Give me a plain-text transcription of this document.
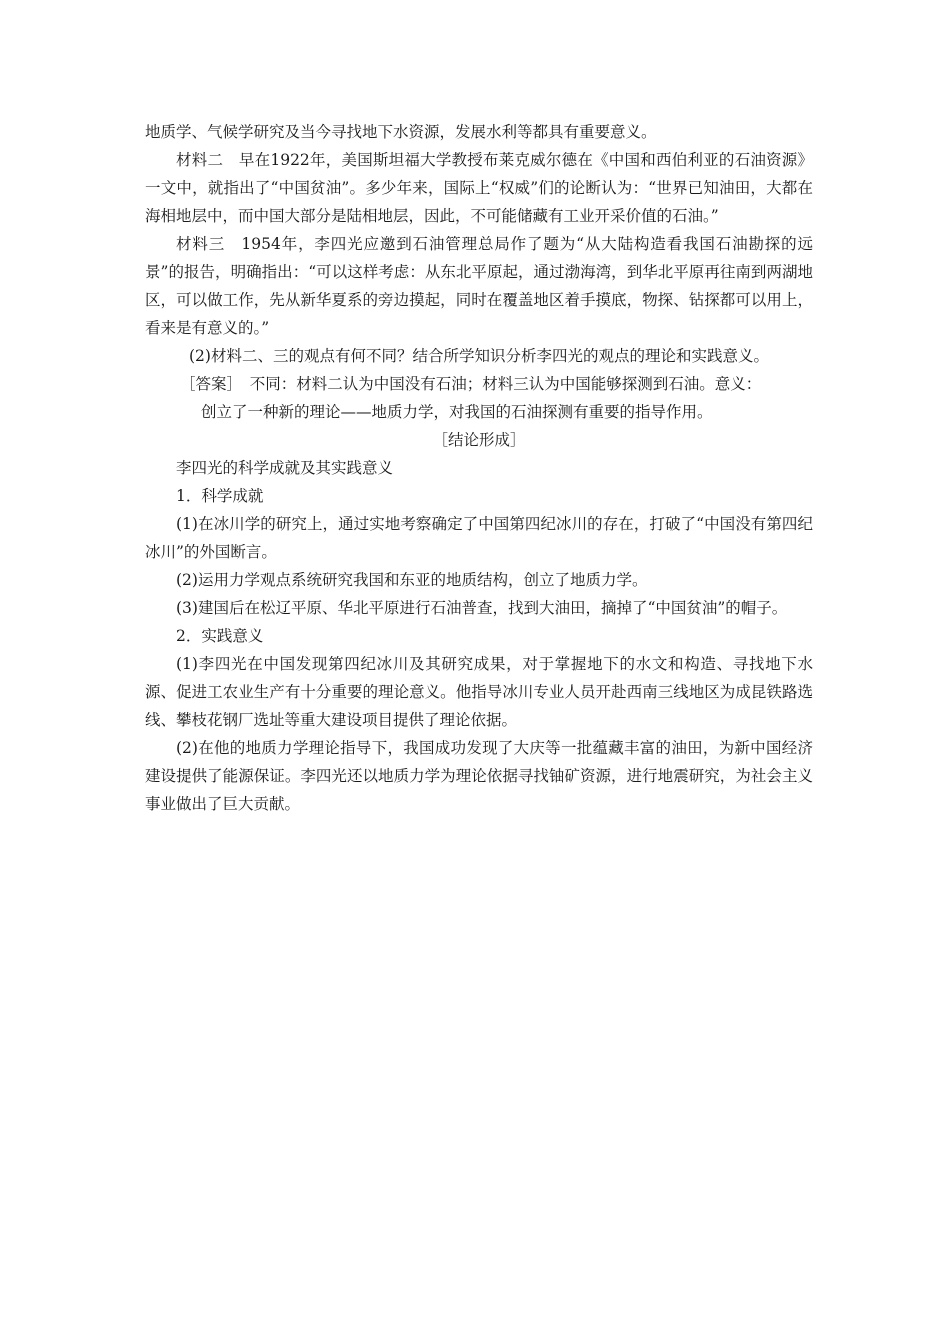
地质学、气候学研究及当今寻找地下水资源，发展水利等都具有重要意义。

材料二　早在1922年，美国斯坦福大学教授布莱克威尔德在《中国和西伯利亚的石油资源》一文中，就指出了“中国贫油”。多少年来，国际上“权威”们的论断认为：“世界已知油田，大都在海相地层中，而中国大部分是陆相地层，因此，不可能储藏有工业开采价值的石油。”

材料三　1954年，李四光应邀到石油管理总局作了题为“从大陆构造看我国石油勘探的远景”的报告，明确指出：“可以这样考虑：从东北平原起，通过渤海湾，到华北平原再往南到两湖地区，可以做工作，先从新华夏系的旁边摸起，同时在覆盖地区着手摸底，物探、钻探都可以用上，看来是有意义的。”

(2)材料二、三的观点有何不同？结合所学知识分析李四光的观点的理论和实践意义。

［答案］　不同：材料二认为中国没有石油；材料三认为中国能够探测到石油。意义：

创立了一种新的理论——地质力学，对我国的石油探测有重要的指导作用。

［结论形成］

李四光的科学成就及其实践意义

1．科学成就

(1)在冰川学的研究上，通过实地考察确定了中国第四纪冰川的存在，打破了“中国没有第四纪冰川”的外国断言。

(2)运用力学观点系统研究我国和东亚的地质结构，创立了地质力学。

(3)建国后在松辽平原、华北平原进行石油普查，找到大油田，摘掉了“中国贫油”的帽子。

2．实践意义

(1)李四光在中国发现第四纪冰川及其研究成果，对于掌握地下的水文和构造、寻找地下水源、促进工农业生产有十分重要的理论意义。他指导冰川专业人员开赴西南三线地区为成昆铁路选线、攀枝花钢厂选址等重大建设项目提供了理论依据。

(2)在他的地质力学理论指导下，我国成功发现了大庆等一批蕴藏丰富的油田，为新中国经济建设提供了能源保证。李四光还以地质力学为理论依据寻找铀矿资源，进行地震研究，为社会主义事业做出了巨大贡献。
